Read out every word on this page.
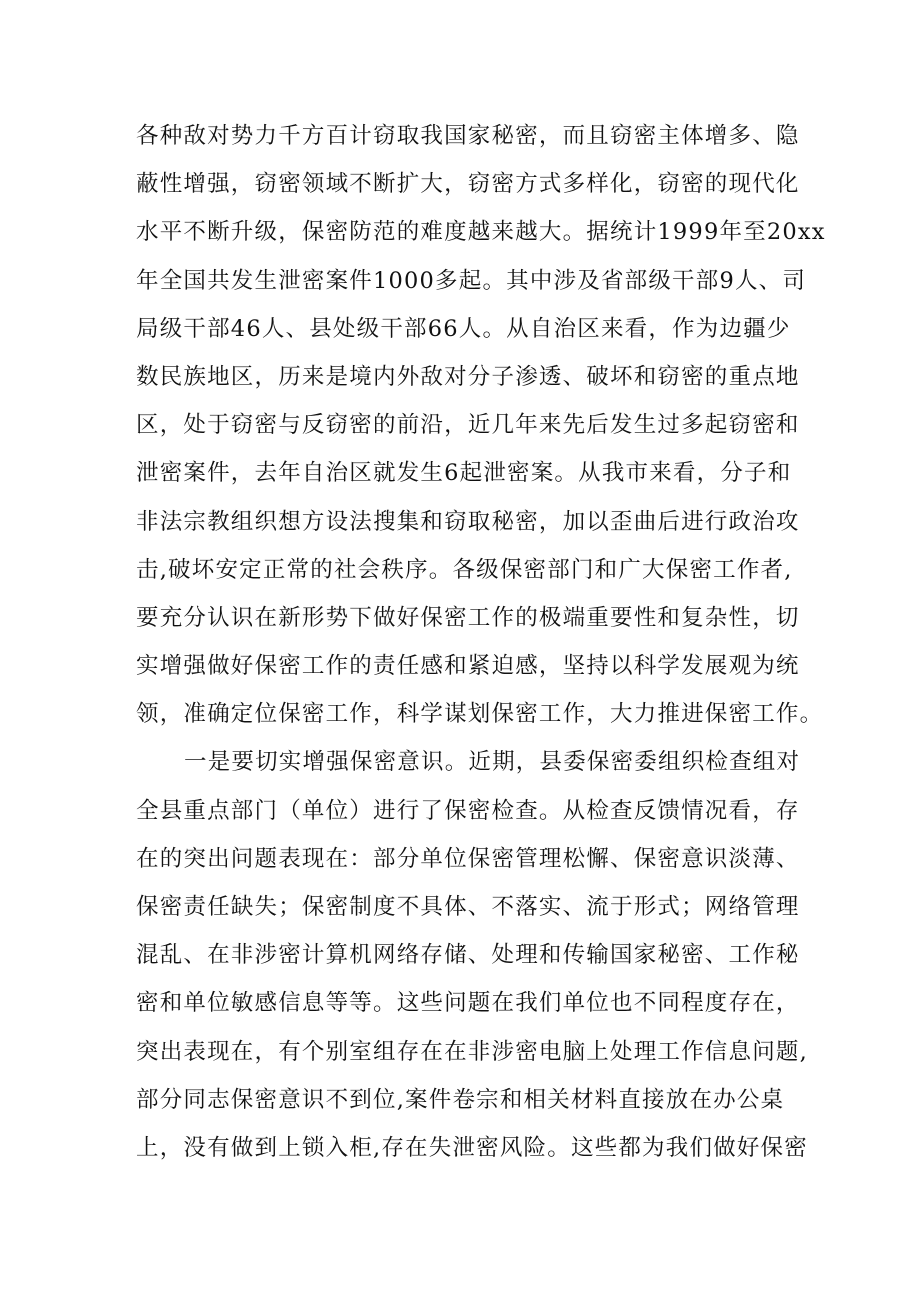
各种敌对势力千方百计窃取我国家秘密，而且窃密主体增多、隐
蔽性增强，窃密领域不断扩大，窃密方式多样化，窃密的现代化
水平不断升级，保密防范的难度越来越大。据统计1999年至20xx
年全国共发生泄密案件1000多起。其中涉及省部级干部9人、司
局级干部46人、县处级干部66人。从自治区来看，作为边疆少
数民族地区，历来是境内外敌对分子渗透、破坏和窃密的重点地
区，处于窃密与反窃密的前沿，近几年来先后发生过多起窃密和
泄密案件，去年自治区就发生6起泄密案。从我市来看，分子和
非法宗教组织想方设法搜集和窃取秘密，加以歪曲后进行政治攻
击,破坏安定正常的社会秩序。各级保密部门和广大保密工作者,
要充分认识在新形势下做好保密工作的极端重要性和复杂性，切
实增强做好保密工作的责任感和紧迫感，坚持以科学发展观为统
领，准确定位保密工作，科学谋划保密工作，大力推进保密工作。
一是要切实增强保密意识。近期，县委保密委组织检查组对
全县重点部门（单位）进行了保密检查。从检查反馈情况看，存
在的突出问题表现在：部分单位保密管理松懈、保密意识淡薄、
保密责任缺失；保密制度不具体、不落实、流于形式；网络管理
混乱、在非涉密计算机网络存储、处理和传输国家秘密、工作秘
密和单位敏感信息等等。这些问题在我们单位也不同程度存在，
突出表现在，有个别室组存在在非涉密电脑上处理工作信息问题,
部分同志保密意识不到位,案件卷宗和相关材料直接放在办公桌
上，没有做到上锁入柜,存在失泄密风险。这些都为我们做好保密
